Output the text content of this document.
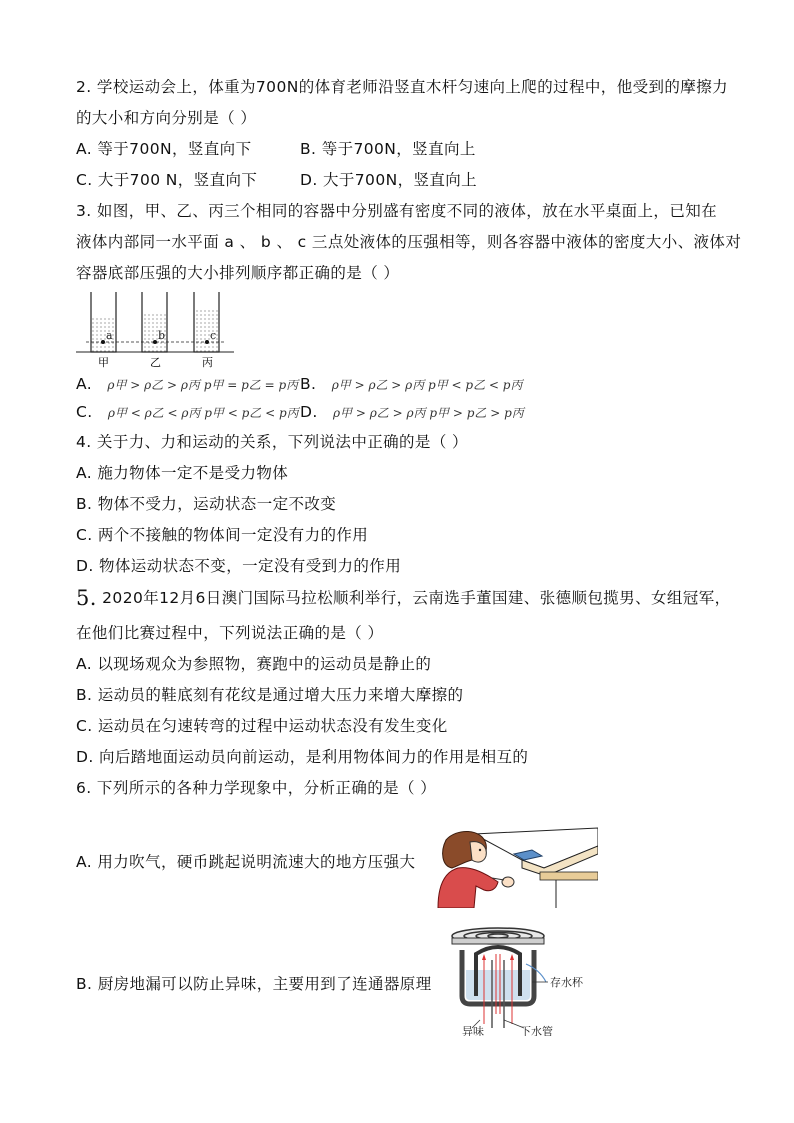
2. 学校运动会上，体重为700N的体育老师沿竖直木杆匀速向上爬的过程中，他受到的摩擦力
的大小和方向分别是（ ）
A. 等于700N，竖直向下	B. 等于700N，竖直向上
C. 大于700 N，竖直向下	D. 大于700N，竖直向上
3. 如图，甲、乙、丙三个相同的容器中分别盛有密度不同的液体，放在水平桌面上，已知在
液体内部同一水平面 a 、 b 、 c 三点处液体的压强相等，则各容器中液体的密度大小、液体对
容器底部压强的大小排列顺序都正确的是（ ）
a	b	c
甲	乙	丙
A. ρ甲 > ρ乙 > ρ丙 p甲 = p乙 = p丙 B. ρ甲 > ρ乙 > ρ丙 p甲 < p乙 < p丙
C. ρ甲 < ρ乙 < ρ丙 p甲 < p乙 < p丙 D. ρ甲 > ρ乙 > ρ丙 p甲 > p乙 > p丙
4. 关于力、力和运动的关系，下列说法中正确的是（ ）
A. 施力物体一定不是受力物体
B. 物体不受力，运动状态一定不改变
C. 两个不接触的物体间一定没有力的作用
D. 物体运动状态不变，一定没有受到力的作用
5. 2020年12月6日澳门国际马拉松顺利举行，云南选手董国建、张德顺包揽男、女组冠军，
在他们比赛过程中，下列说法正确的是（ ）
A. 以现场观众为参照物，赛跑中的运动员是静止的
B. 运动员的鞋底刻有花纹是通过增大压力来增大摩擦的
C. 运动员在匀速转弯的过程中运动状态没有发生变化
D. 向后踏地面运动员向前运动，是利用物体间力的作用是相互的
6. 下列所示的各种力学现象中，分析正确的是（ ）
A. 用力吹气，硬币跳起说明流速大的地方压强大
B. 厨房地漏可以防止异味，主要用到了连通器原理	存水杯
异味	下水管
